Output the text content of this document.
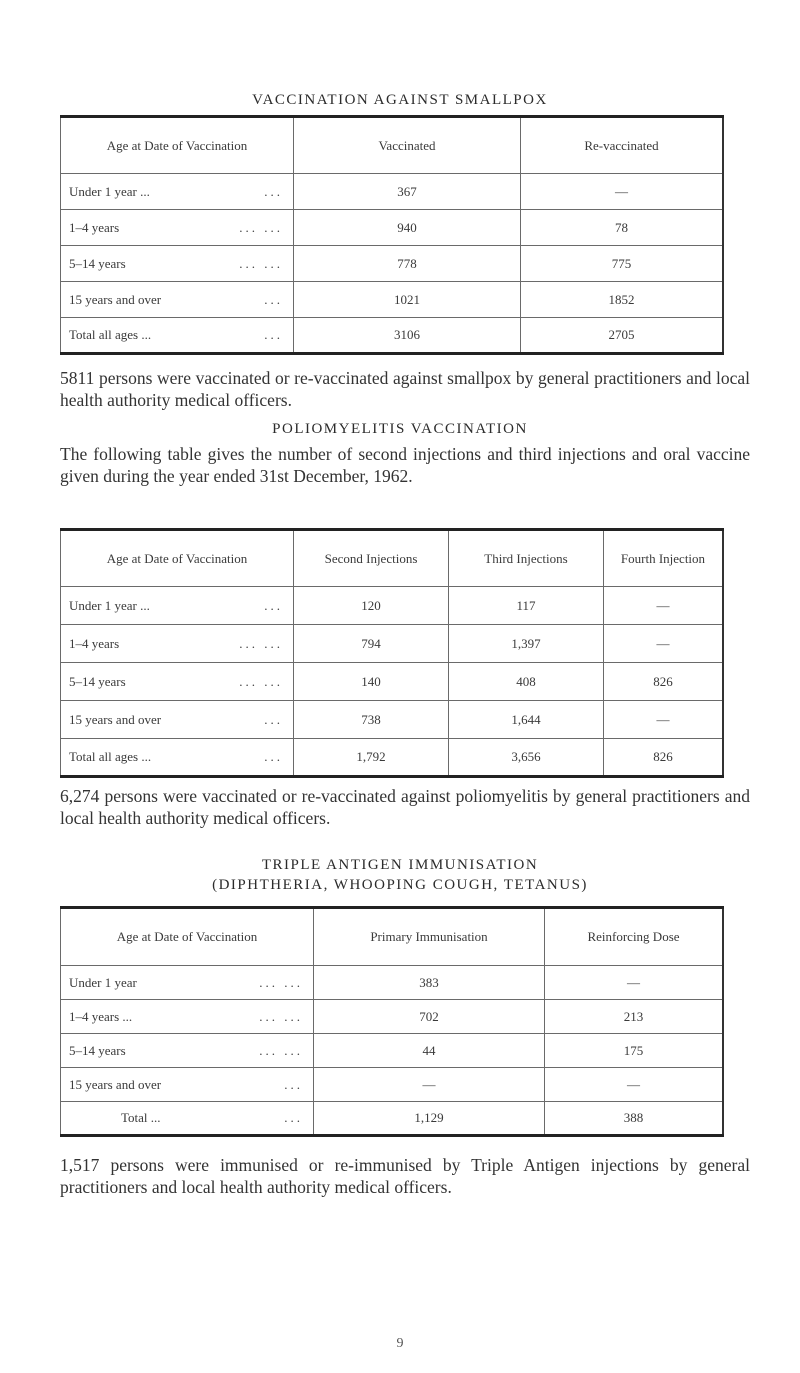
VACCINATION AGAINST SMALLPOX
Age at Date of Vaccination	Vaccinated	Re-vaccinated
Under 1 year ... ...	367	—
1–4 years ... ...	940	78
5–14 years ... ...	778	775
15 years and over ...	1021	1852
Total all ages ... ...	3106	2705
5811 persons were vaccinated or re-vaccinated against smallpox by general practitioners and local health authority medical officers.
POLIOMYELITIS VACCINATION
The following table gives the number of second injections and third injections and oral vaccine given during the year ended 31st December, 1962.
Age at Date of Vaccination	Second Injections	Third Injections	Fourth Injection
Under 1 year ... ...	120	117	—
1–4 years ... ...	794	1,397	—
5–14 years ... ...	140	408	826
15 years and over ...	738	1,644	—
Total all ages ... ...	1,792	3,656	826
6,274 persons were vaccinated or re-vaccinated against poliomyelitis by general practitioners and local health authority medical officers.
TRIPLE ANTIGEN IMMUNISATION
(DIPHTHERIA, WHOOPING COUGH, TETANUS)
Age at Date of Vaccination	Primary Immunisation	Reinforcing Dose
Under 1 year ... ...	383	—
1–4 years ... ... ...	702	213
5–14 years ... ...	44	175
15 years and over ...	—	—
Total ... ...	1,129	388
1,517 persons were immunised or re-immunised by Triple Antigen injections by general practitioners and local health authority medical officers.
9
